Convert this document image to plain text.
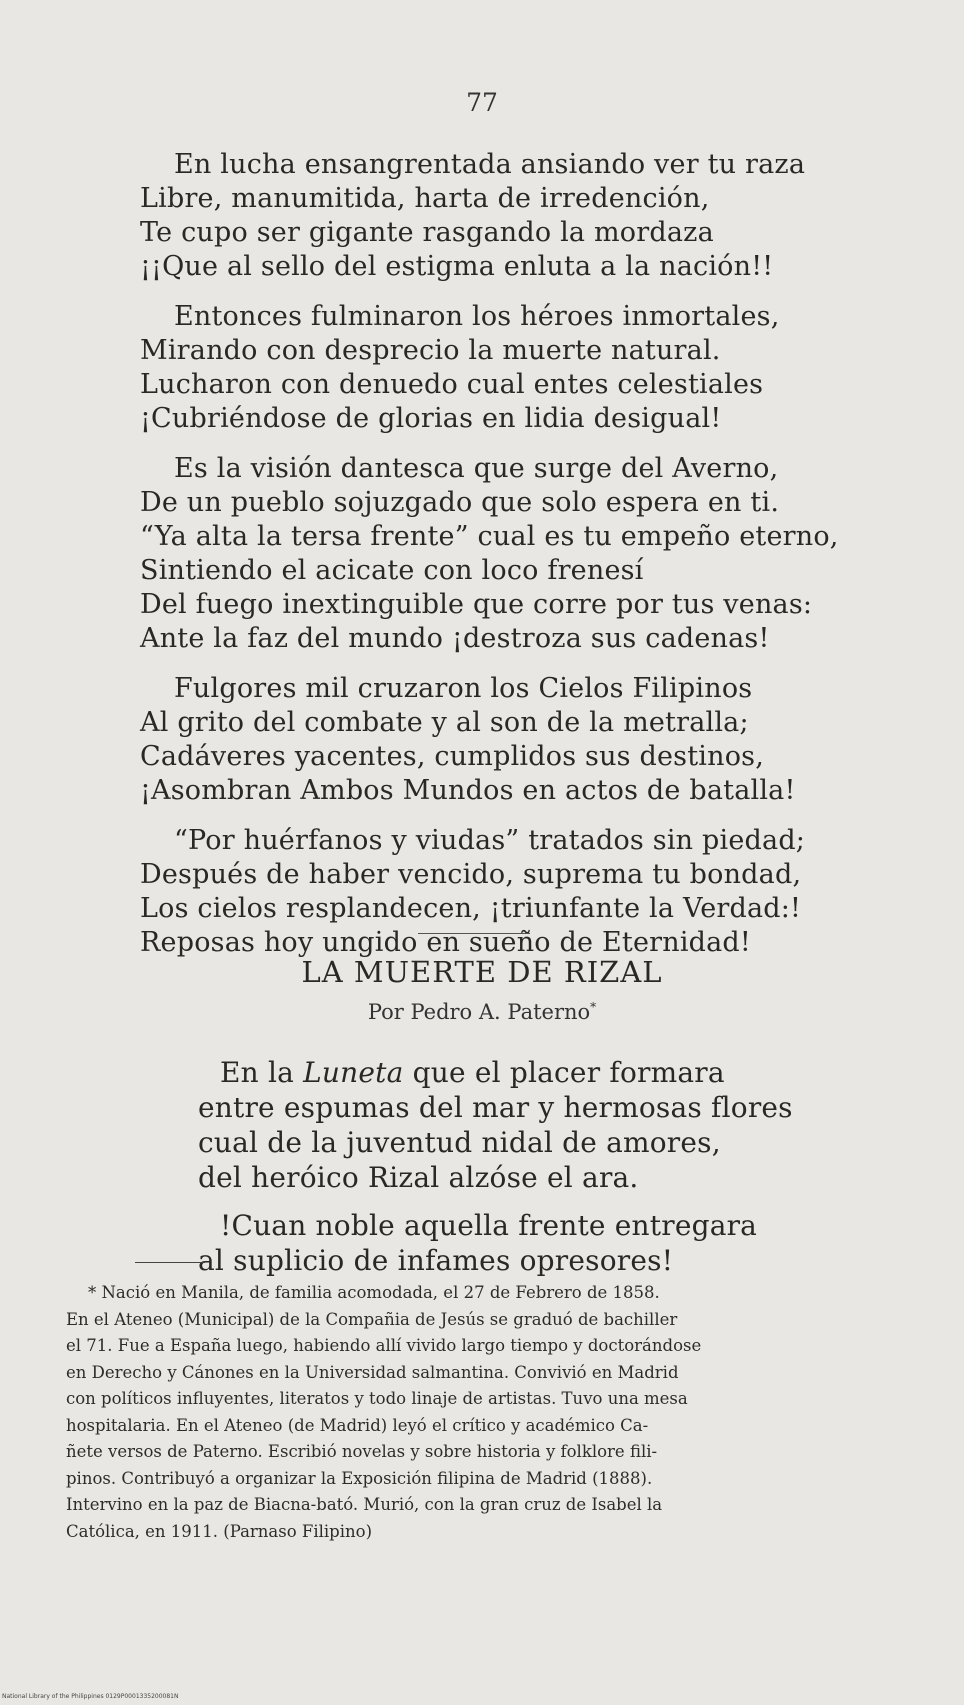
77
En lucha ensangrentada ansiando ver tu raza
Libre, manumitida, harta de irredención,
Te cupo ser gigante rasgando la mordaza
¡¡Que al sello del estigma enluta a la nación!!
Entonces fulminaron los héroes inmortales,
Mirando con desprecio la muerte natural.
Lucharon con denuedo cual entes celestiales
¡Cubriéndose de glorias en lidia desigual!
Es la visión dantesca que surge del Averno,
De un pueblo sojuzgado que solo espera en ti.
“Ya alta la tersa frente” cual es tu empeño eterno,
Sintiendo el acicate con loco frenesí
Del fuego inextinguible que corre por tus venas:
Ante la faz del mundo ¡destroza sus cadenas!
Fulgores mil cruzaron los Cielos Filipinos
Al grito del combate y al son de la metralla;
Cadáveres yacentes, cumplidos sus destinos,
¡Asombran Ambos Mundos en actos de batalla!
“Por huérfanos y viudas” tratados sin piedad;
Después de haber vencido, suprema tu bondad,
Los cielos resplandecen, ¡triunfante la Verdad:!
Reposas hoy ungido en sueño de Eternidad!
LA MUERTE DE RIZAL
Por Pedro A. Paterno*
En la Luneta que el placer formara
entre espumas del mar y hermosas flores
cual de la juventud nidal de amores,
del heróico Rizal alzóse el ara.
!Cuan noble aquella frente entregara
al suplicio de infames opresores!
* Nació en Manila, de familia acomodada, el 27 de Febrero de 1858.
En el Ateneo (Municipal) de la Compañia de Jesús se graduó de bachiller
el 71. Fue a España luego, habiendo allí vivido largo tiempo y doctorándose
en Derecho y Cánones en la Universidad salmantina. Convivió en Madrid
con políticos influyentes, literatos y todo linaje de artistas. Tuvo una mesa
hospitalaria. En el Ateneo (de Madrid) leyó el crítico y académico Ca-
ñete versos de Paterno. Escribió novelas y sobre historia y folklore fili-
pinos. Contribuyó a organizar la Exposición filipina de Madrid (1888).
Intervino en la paz de Biacna-bató. Murió, con la gran cruz de Isabel la
Católica, en 1911. (Parnaso Filipino)
National Library of the Philippines 0129P0001335200081N
